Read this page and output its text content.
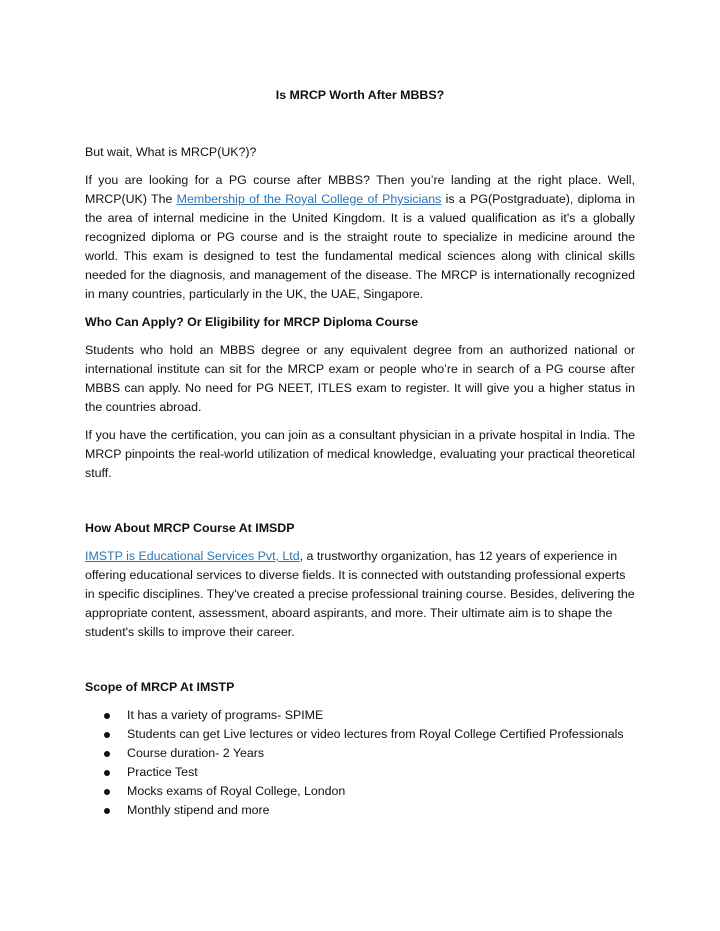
Is MRCP Worth After MBBS?

But wait, What is MRCP(UK?)?

If you are looking for a PG course after MBBS? Then you’re landing at the right place. Well, MRCP(UK) The Membership of the Royal College of Physicians is a PG(Postgraduate), diploma in the area of internal medicine in the United Kingdom. It is a valued qualification as it's a globally recognized diploma or PG course and is the straight route to specialize in medicine around the world. This exam is designed to test the fundamental medical sciences along with clinical skills needed for the diagnosis, and management of the disease. The MRCP is internationally recognized in many countries, particularly in the UK, the UAE, Singapore.

Who Can Apply? Or Eligibility for MRCP Diploma Course

Students who hold an MBBS degree or any equivalent degree from an authorized national or international institute can sit for the MRCP exam or people who’re in search of a PG course after MBBS can apply. No need for PG NEET, ITLES exam to register. It will give you a higher status in the countries abroad.

If you have the certification, you can join as a consultant physician in a private hospital in India. The MRCP pinpoints the real-world utilization of medical knowledge, evaluating your practical theoretical stuff.

How About MRCP Course At IMSDP

IMSTP is Educational Services Pvt, Ltd, a trustworthy organization, has 12 years of experience in offering educational services to diverse fields. It is connected with outstanding professional experts in specific disciplines. They've created a precise professional training course. Besides, delivering the appropriate content, assessment, aboard aspirants, and more. Their ultimate aim is to shape the student's skills to improve their career.

Scope of MRCP At IMSTP

It has a variety of programs- SPIME
Students can get Live lectures or video lectures from Royal College Certified Professionals
Course duration- 2 Years
Practice Test
Mocks exams of Royal College, London
Monthly stipend and more
